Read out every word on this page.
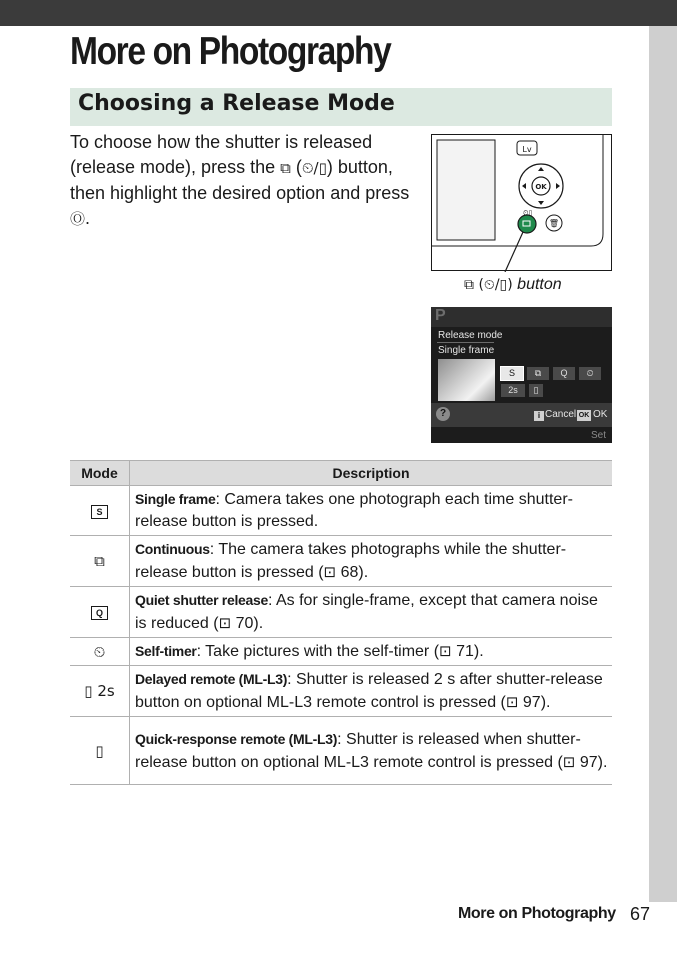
More on Photography
Choosing a Release Mode
To choose how the shutter is released (release mode), press the ⧉ (⏲/▯) button, then highlight the desired option and press Ⓞ.
Lv
OK
🗑
⏲▯
⧉ (⏲/▯) button
P
Release mode
Single frame
S	⧉	Q	⏲
2s	▯
?	i Cancel OK OK
Set
Mode	Description
S	Single frame: Camera takes one photograph each time shutter-release button is pressed.
⧉	Continuous: The camera takes photographs while the shutter-release button is pressed (⊡ 68).
Q	Quiet shutter release: As for single-frame, except that camera noise is reduced (⊡ 70).
⏲	Self-timer: Take pictures with the self-timer (⊡ 71).
▯ 2s	Delayed remote (ML-L3): Shutter is released 2 s after shutter-release button on optional ML-L3 remote control is pressed (⊡ 97).
▯	Quick-response remote (ML-L3): Shutter is released when shutter-release button on optional ML-L3 remote control is pressed (⊡ 97).
More on Photography 67
